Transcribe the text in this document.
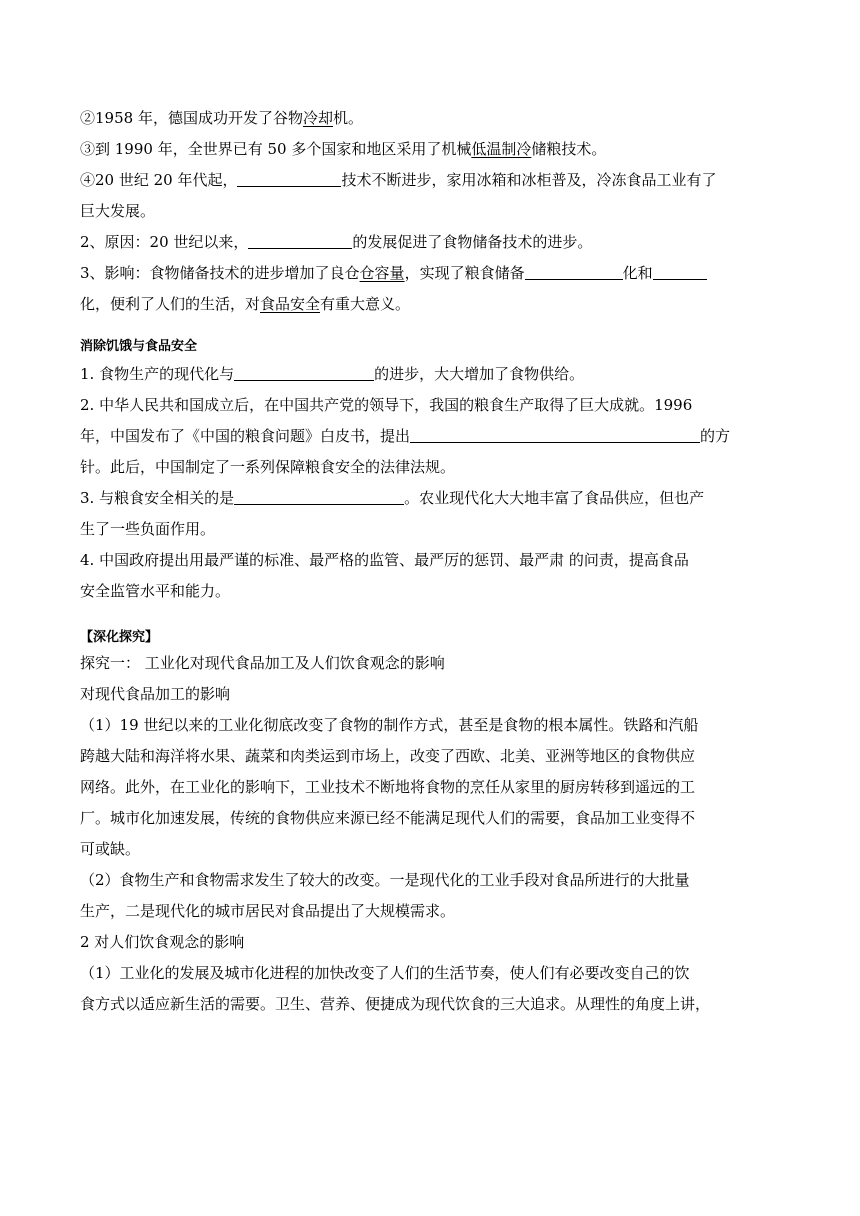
②1958 年，德国成功开发了谷物冷却机。
③到 1990 年，全世界已有 50 多个国家和地区采用了机械低温制冷储粮技术。
④20 世纪 20 年代起，	技术不断进步，家用冰箱和冰柜普及，冷冻食品工业有了
巨大发展。
2、原因：20 世纪以来，	的发展促进了食物储备技术的进步。
3、影响：食物储备技术的进步增加了良仓仓容量，实现了粮食储备	化和
化，便利了人们的生活，对食品安全有重大意义。
消除饥饿与食品安全
1. 食物生产的现代化与	的进步，大大增加了食物供给。
2. 中华人民共和国成立后，在中国共产党的领导下，我国的粮食生产取得了巨大成就。1996
年，中国发布了《中国的粮食问题》白皮书，提出	的方
针。此后，中国制定了一系列保障粮食安全的法律法规。
3. 与粮食安全相关的是	。农业现代化大大地丰富了食品供应，但也产
生了一些负面作用。
4. 中国政府提出用最严谨的标准、最严格的监管、最严厉的惩罚、最严肃 的问责，提高食品
安全监管水平和能力。
【深化探究】
探究一： 工业化对现代食品加工及人们饮食观念的影响
对现代食品加工的影响
（1）19 世纪以来的工业化彻底改变了食物的制作方式，甚至是食物的根本属性。铁路和汽船
跨越大陆和海洋将水果、蔬菜和肉类运到市场上，改变了西欧、北美、亚洲等地区的食物供应
网络。此外，在工业化的影响下，工业技术不断地将食物的烹任从家里的厨房转移到遥远的工
厂。城市化加速发展，传统的食物供应来源已经不能满足现代人们的需要，食品加工业变得不
可或缺。
（2）食物生产和食物需求发生了较大的改变。一是现代化的工业手段对食品所进行的大批量
生产，二是现代化的城市居民对食品提出了大规模需求。
2 对人们饮食观念的影响
（1）工业化的发展及城市化进程的加快改变了人们的生活节奏，使人们有必要改变自己的饮
食方式以适应新生活的需要。卫生、营养、便捷成为现代饮食的三大追求。从理性的角度上讲，
